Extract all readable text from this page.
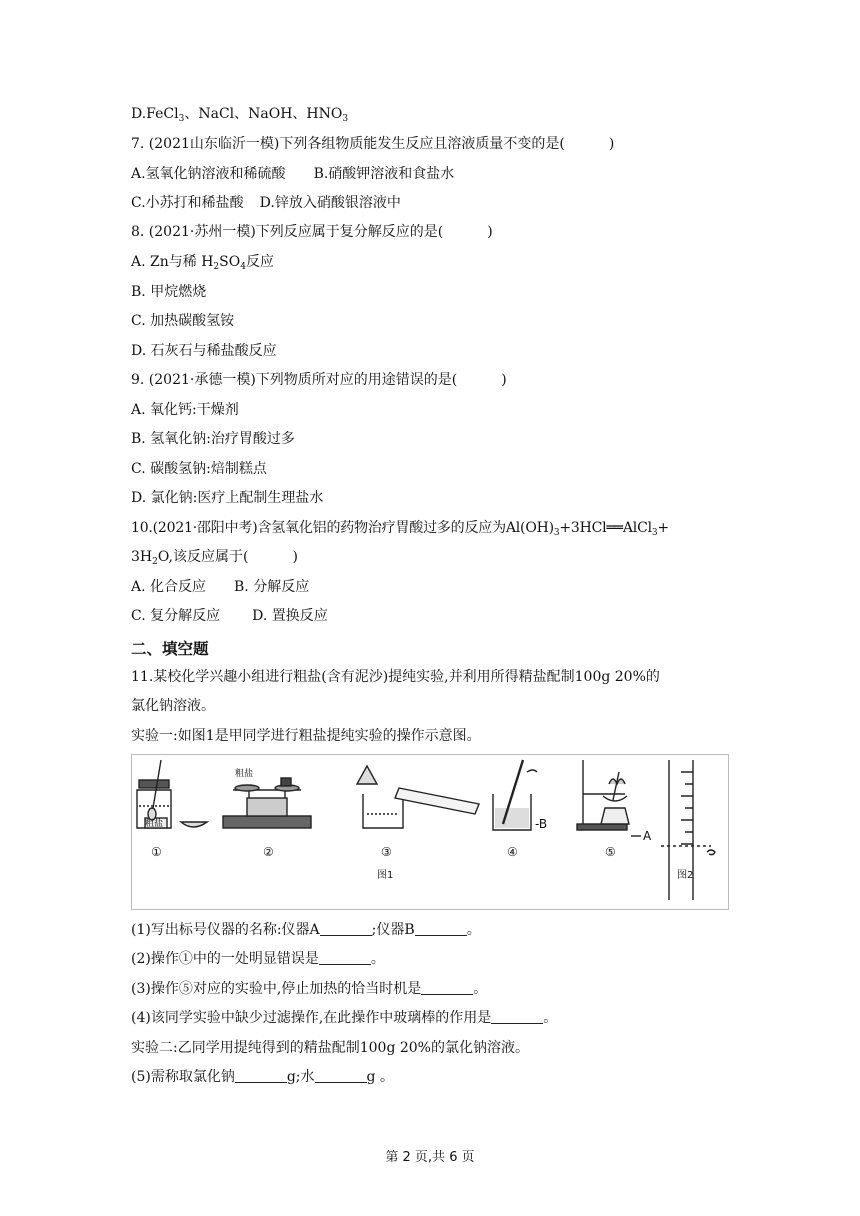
D.FeCl$_3$、NaCl、NaOH、$HNO_3$
7. (2021山东临沂一模)下列各组物质能发生反应且溶液质量不变的是(	)
A.氢氧化钠溶液和稀硫酸 B.硝酸钾溶液和食盐水
C.小苏打和稀盐酸 D.锌放入硝酸银溶液中
8. (2021·苏州一模)下列反应属于复分解反应的是(	)
A. Zn与稀 $H_2SO_4$反应
B. 甲烷燃烧
C. 加热碳酸氢铵
D. 石灰石与稀盐酸反应
9. (2021·承德一模)下列物质所对应的用途错误的是(	)
A. 氧化钙:干燥剂
B. 氢氧化钠:治疗胃酸过多
C. 碳酸氢钠:焙制糕点
D. 氯化钠:医疗上配制生理盐水
10.(2021·邵阳中考)含氢氧化铝的药物治疗胃酸过多的反应为$Al(OH)_3+3HCl══AlCl_3+$
$3H_2O$,该反应属于(	)
A. 化合反应 B. 分解反应
C. 复分解反应 D. 置换反应
二、填空题
11.某校化学兴趣小组进行粗盐(含有泥沙)提纯实验,并利用所得精盐配制100g 20%的
氯化钠溶液。
实验一:如图1是甲同学进行粗盐提纯实验的操作示意图。
粗盐
粗盐
-B
A
①	②	③	④	⑤
图1	图2
(1)写出标号仪器的名称:仪器A	;仪器B	。
(2)操作①中的一处明显错误是	。
(3)操作⑤对应的实验中,停止加热的恰当时机是	。
(4)该同学实验中缺少过滤操作,在此操作中玻璃棒的作用是	。
实验二:乙同学用提纯得到的精盐配制100g 20%的氯化钠溶液。
(5)需称取氯化钠	g;水	g 。
第 2 页,共 6 页
